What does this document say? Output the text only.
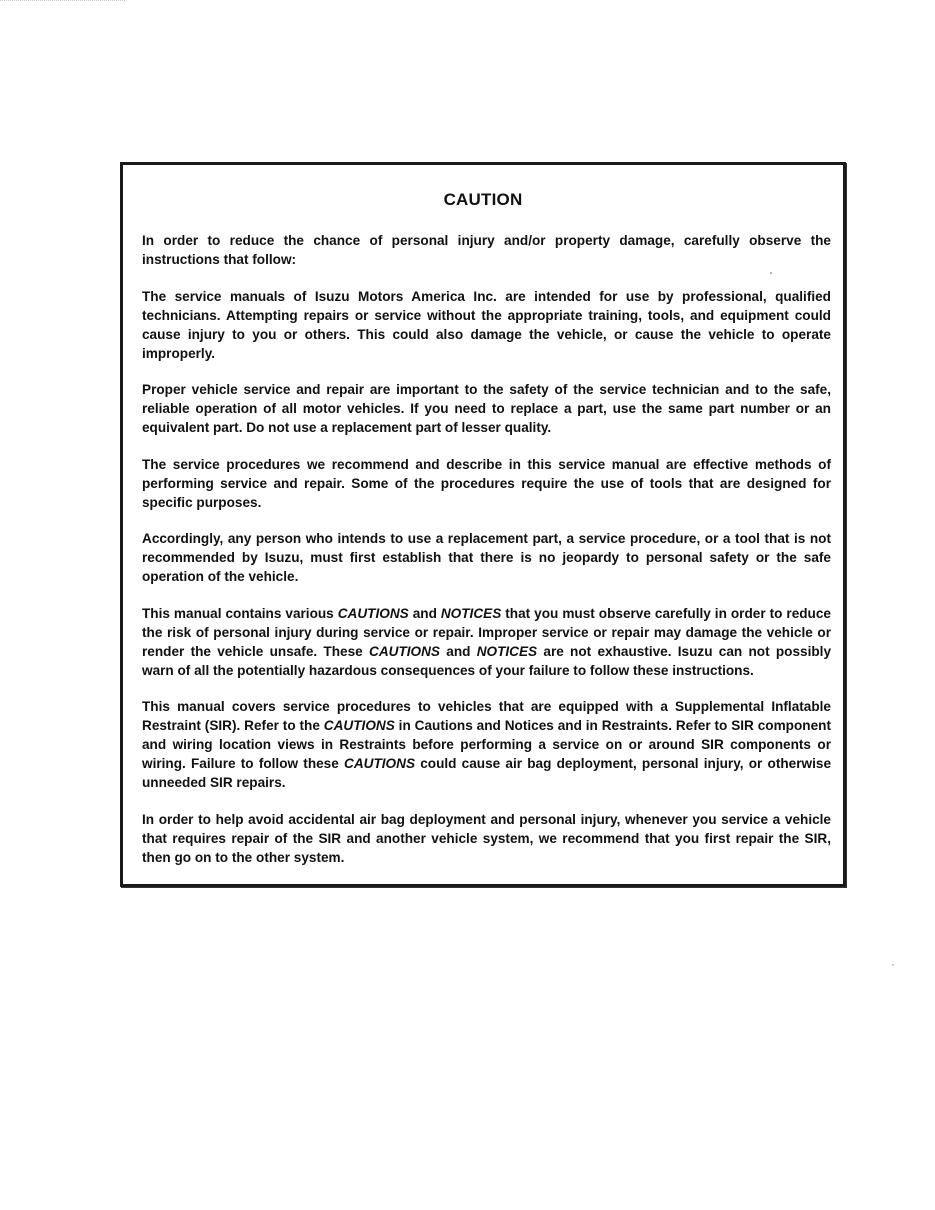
CAUTION

In order to reduce the chance of personal injury and/or property damage, carefully observe the instructions that follow:

The service manuals of Isuzu Motors America Inc. are intended for use by professional, qualified technicians. Attempting repairs or service without the appropriate training, tools, and equipment could cause injury to you or others. This could also damage the vehicle, or cause the vehicle to operate improperly.

Proper vehicle service and repair are important to the safety of the service technician and to the safe, reliable operation of all motor vehicles. If you need to replace a part, use the same part number or an equivalent part. Do not use a replacement part of lesser quality.

The service procedures we recommend and describe in this service manual are effective methods of performing service and repair. Some of the procedures require the use of tools that are designed for specific purposes.

Accordingly, any person who intends to use a replacement part, a service procedure, or a tool that is not recommended by Isuzu, must first establish that there is no jeopardy to personal safety or the safe operation of the vehicle.

This manual contains various CAUTIONS and NOTICES that you must observe carefully in order to reduce the risk of personal injury during service or repair. Improper service or repair may damage the vehicle or render the vehicle unsafe. These CAUTIONS and NOTICES are not exhaustive. Isuzu can not possibly warn of all the potentially hazardous consequences of your failure to follow these instructions.

This manual covers service procedures to vehicles that are equipped with a Supplemental Inflatable Restraint (SIR). Refer to the CAUTIONS in Cautions and Notices and in Restraints. Refer to SIR component and wiring location views in Restraints before performing a service on or around SIR components or wiring. Failure to follow these CAUTIONS could cause air bag deployment, personal injury, or otherwise unneeded SIR repairs.

In order to help avoid accidental air bag deployment and personal injury, whenever you service a vehicle that requires repair of the SIR and another vehicle system, we recommend that you first repair the SIR, then go on to the other system.
